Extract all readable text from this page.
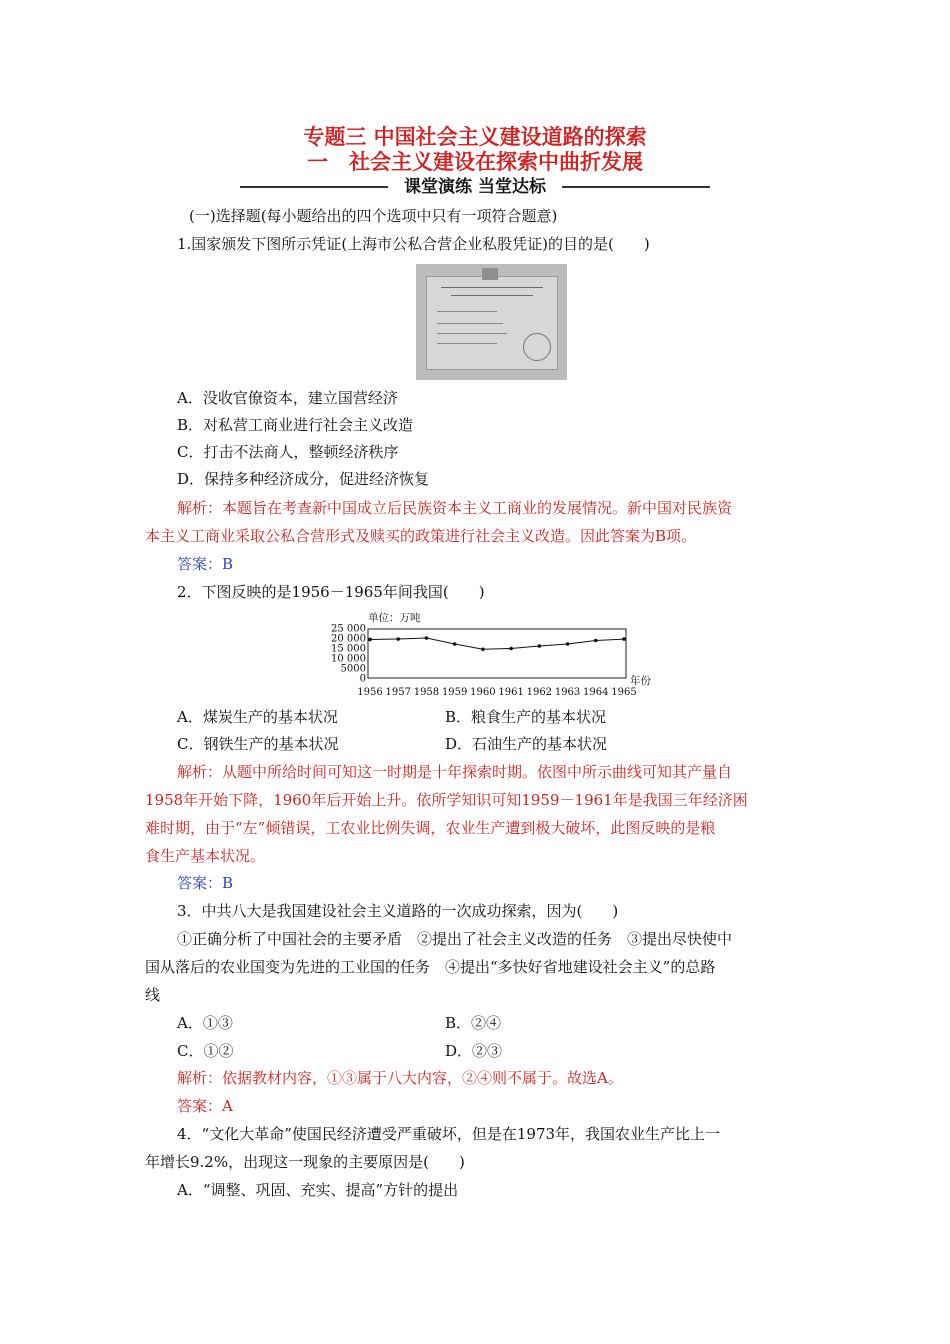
专题三 中国社会主义建设道路的探索
一　社会主义建设在探索中曲折发展
课堂演练 当堂达标
(一)选择题(每小题给出的四个选项中只有一项符合题意)
1.国家颁发下图所示凭证(上海市公私合营企业私股凭证)的目的是(　　)
A．没收官僚资本，建立国营经济
B．对私营工商业进行社会主义改造
C．打击不法商人，整顿经济秩序
D．保持多种经济成分，促进经济恢复
解析：本题旨在考查新中国成立后民族资本主义工商业的发展情况。新中国对民族资
本主义工商业采取公私合营形式及赎买的政策进行社会主义改造。因此答案为B项。
答案：B
2．下图反映的是1956－1965年间我国(　　)
单位：万吨
0
5000
10 000
15 000
20 000
25 000
1956 1957 1958 1959 1960 1961 1962 1963 1964 1965
年份
A．煤炭生产的基本状况	B．粮食生产的基本状况
C．钢铁生产的基本状况	D．石油生产的基本状况
解析：从题中所给时间可知这一时期是十年探索时期。依图中所示曲线可知其产量自
1958年开始下降，1960年后开始上升。依所学知识可知1959－1961年是我国三年经济困
难时期，由于“左”倾错误，工农业比例失调，农业生产遭到极大破坏，此图反映的是粮
食生产基本状况。
答案：B
3．中共八大是我国建设社会主义道路的一次成功探索，因为(　　)
①正确分析了中国社会的主要矛盾　②提出了社会主义改造的任务　③提出尽快使中
国从落后的农业国变为先进的工业国的任务　④提出“多快好省地建设社会主义”的总路
线
A．①③	B．②④
C．①②	D．②③
解析：依据教材内容，①③属于八大内容，②④则不属于。故选A。
答案：A
4．“文化大革命”使国民经济遭受严重破坏，但是在1973年，我国农业生产比上一
年增长9.2%，出现这一现象的主要原因是(　　)
A．“调整、巩固、充实、提高”方针的提出
